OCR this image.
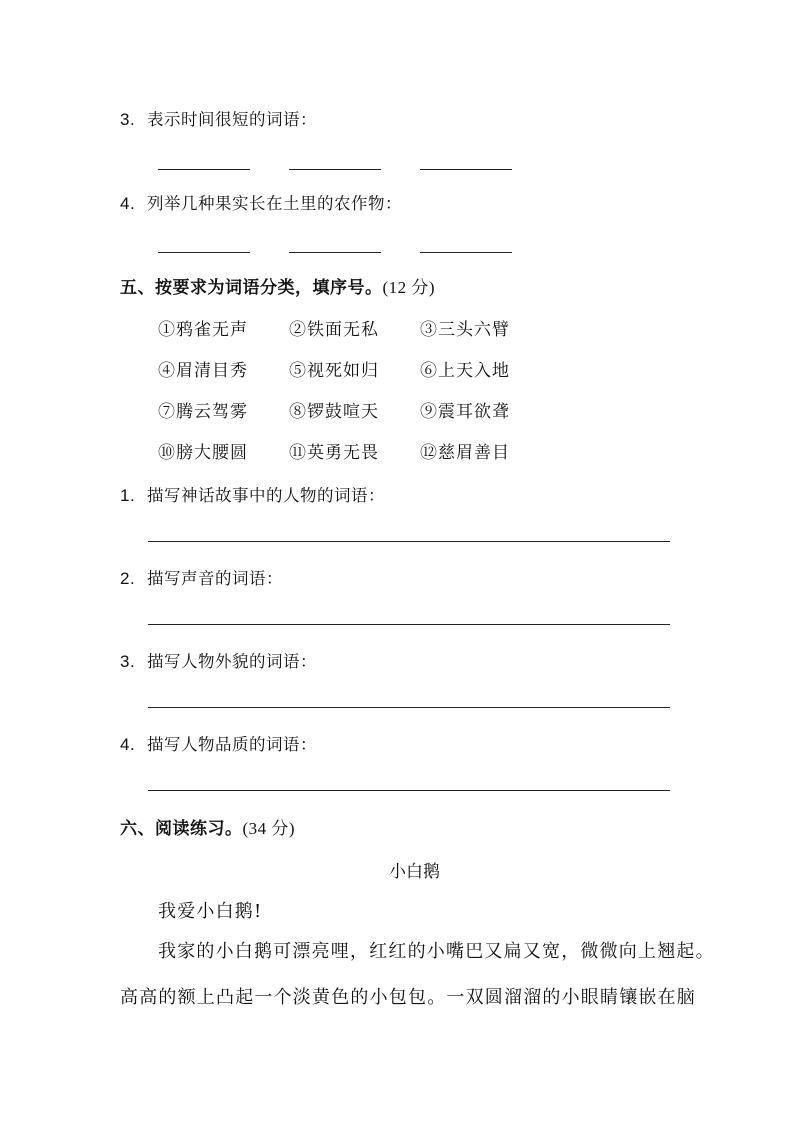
3. 表示时间很短的词语：
4. 列举几种果实长在土里的农作物：
五、按要求为词语分类，填序号。(12 分)
①鸦雀无声 ②铁面无私 ③三头六臂
④眉清目秀 ⑤视死如归 ⑥上天入地
⑦腾云驾雾 ⑧锣鼓喧天 ⑨震耳欲聋
⑩膀大腰圆 ⑪英勇无畏 ⑫慈眉善目
1. 描写神话故事中的人物的词语：
2. 描写声音的词语：
3. 描写人物外貌的词语：
4. 描写人物品质的词语：
六、阅读练习。(34 分)
小白鹅
我爱小白鹅!
我家的小白鹅可漂亮哩，红红的小嘴巴又扁又宽，微微向上翘起。
高高的额上凸起一个淡黄色的小包包。一双圆溜溜的小眼睛镶嵌在脑
